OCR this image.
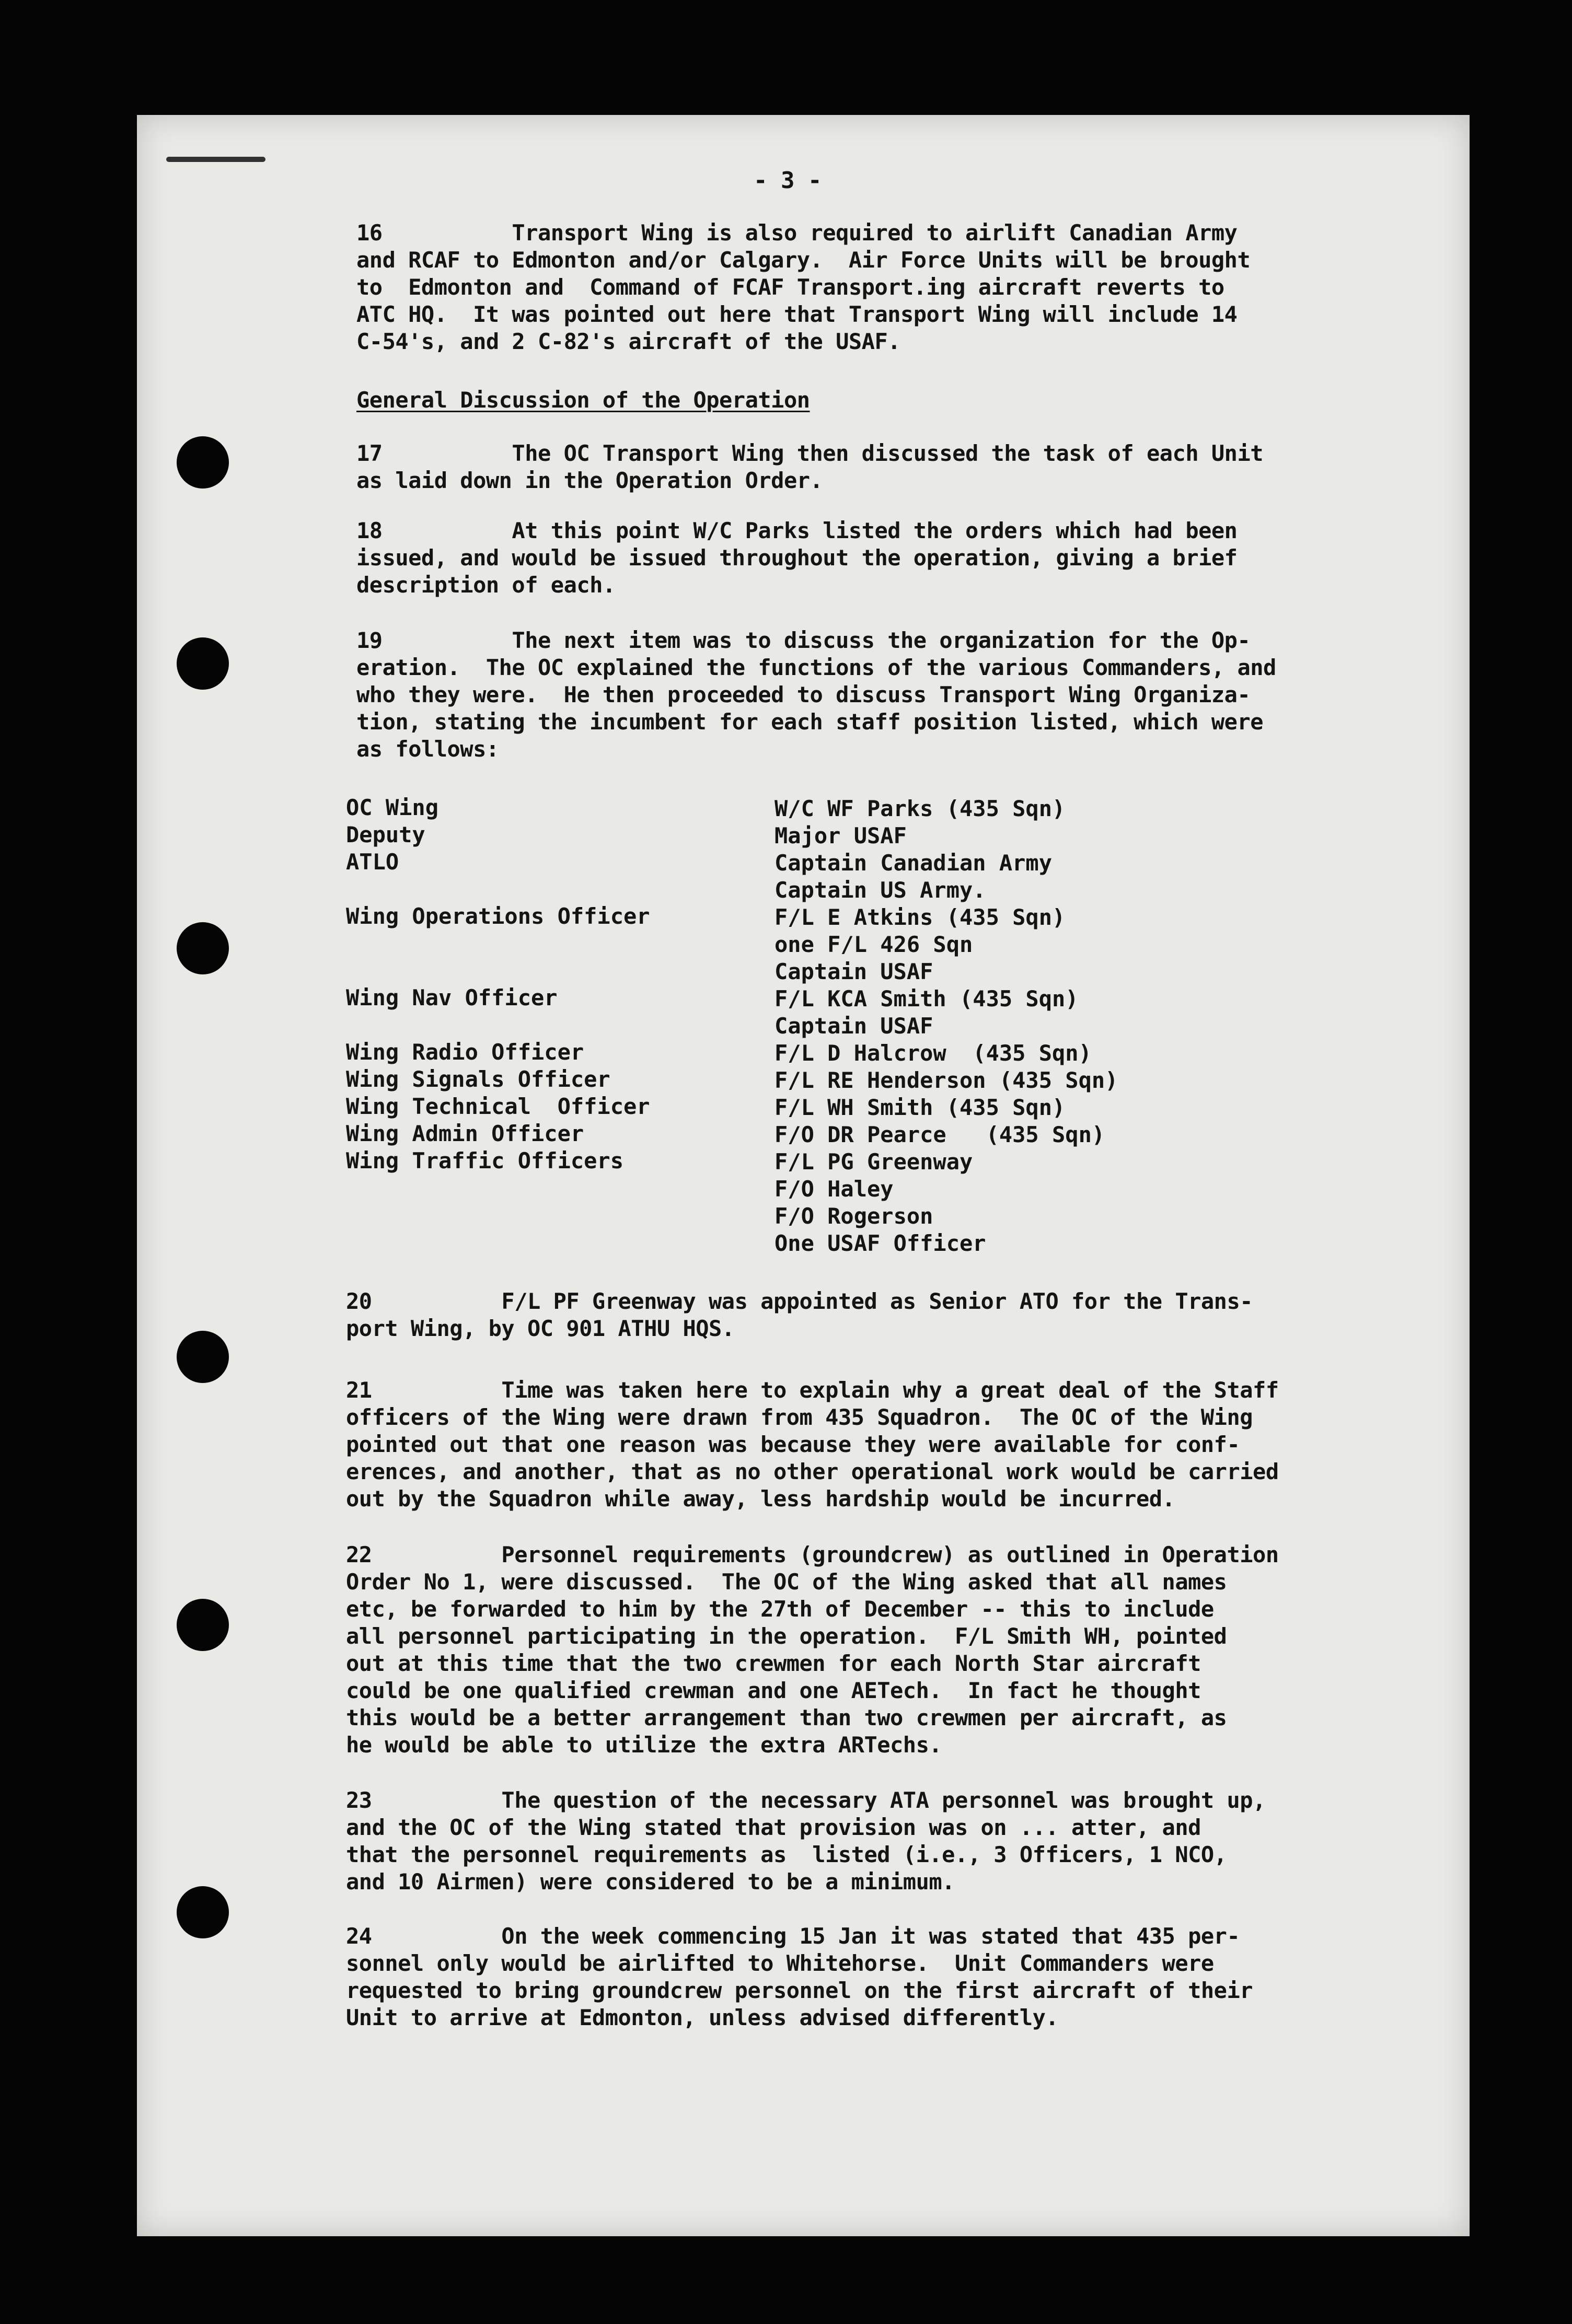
- 3 -

16          Transport Wing is also required to airlift Canadian Army
and RCAF to Edmonton and/or Calgary.  Air Force Units will be brought
to  Edmonton and  Command of FCAF Transport.ing aircraft reverts to
ATC HQ.  It was pointed out here that Transport Wing will include 14
C-54's, and 2 C-82's aircraft of the USAF.

General Discussion of the Operation

17          The OC Transport Wing then discussed the task of each Unit
as laid down in the Operation Order.

18          At this point W/C Parks listed the orders which had been
issued, and would be issued throughout the operation, giving a brief
description of each.

19          The next item was to discuss the organization for the Op-
eration.  The OC explained the functions of the various Commanders, and
who they were.  He then proceeded to discuss Transport Wing Organiza-
tion, stating the incumbent for each staff position listed, which were
as follows:

OC Wing
Deputy
ATLO
Wing Operations Officer
Wing Nav Officer
Wing Radio Officer
Wing Signals Officer
Wing Technical  Officer
Wing Admin Officer
Wing Traffic Officers
W/C WF Parks (435 Sqn)
Major USAF
Captain Canadian Army
Captain US Army.
F/L E Atkins (435 Sqn)
one F/L 426 Sqn
Captain USAF
F/L KCA Smith (435 Sqn)
Captain USAF
F/L D Halcrow  (435 Sqn)
F/L RE Henderson (435 Sqn)
F/L WH Smith (435 Sqn)
F/O DR Pearce   (435 Sqn)
F/L PG Greenway
F/O Haley
F/O Rogerson
One USAF Officer

20          F/L PF Greenway was appointed as Senior ATO for the Trans-
port Wing, by OC 901 ATHU HQS.

21          Time was taken here to explain why a great deal of the Staff
officers of the Wing were drawn from 435 Squadron.  The OC of the Wing
pointed out that one reason was because they were available for conf-
erences, and another, that as no other operational work would be carried
out by the Squadron while away, less hardship would be incurred.

22          Personnel requirements (groundcrew) as outlined in Operation
Order No 1, were discussed.  The OC of the Wing asked that all names
etc, be forwarded to him by the 27th of December -- this to include
all personnel participating in the operation.  F/L Smith WH, pointed
out at this time that the two crewmen for each North Star aircraft
could be one qualified crewman and one AETech.  In fact he thought
this would be a better arrangement than two crewmen per aircraft, as
he would be able to utilize the extra ARTechs.

23          The question of the necessary ATA personnel was brought up,
and the OC of the Wing stated that provision was on ... atter, and
that the personnel requirements as  listed (i.e., 3 Officers, 1 NCO,
and 10 Airmen) were considered to be a minimum.

24          On the week commencing 15 Jan it was stated that 435 per-
sonnel only would be airlifted to Whitehorse.  Unit Commanders were
requested to bring groundcrew personnel on the first aircraft of their
Unit to arrive at Edmonton, unless advised differently.
